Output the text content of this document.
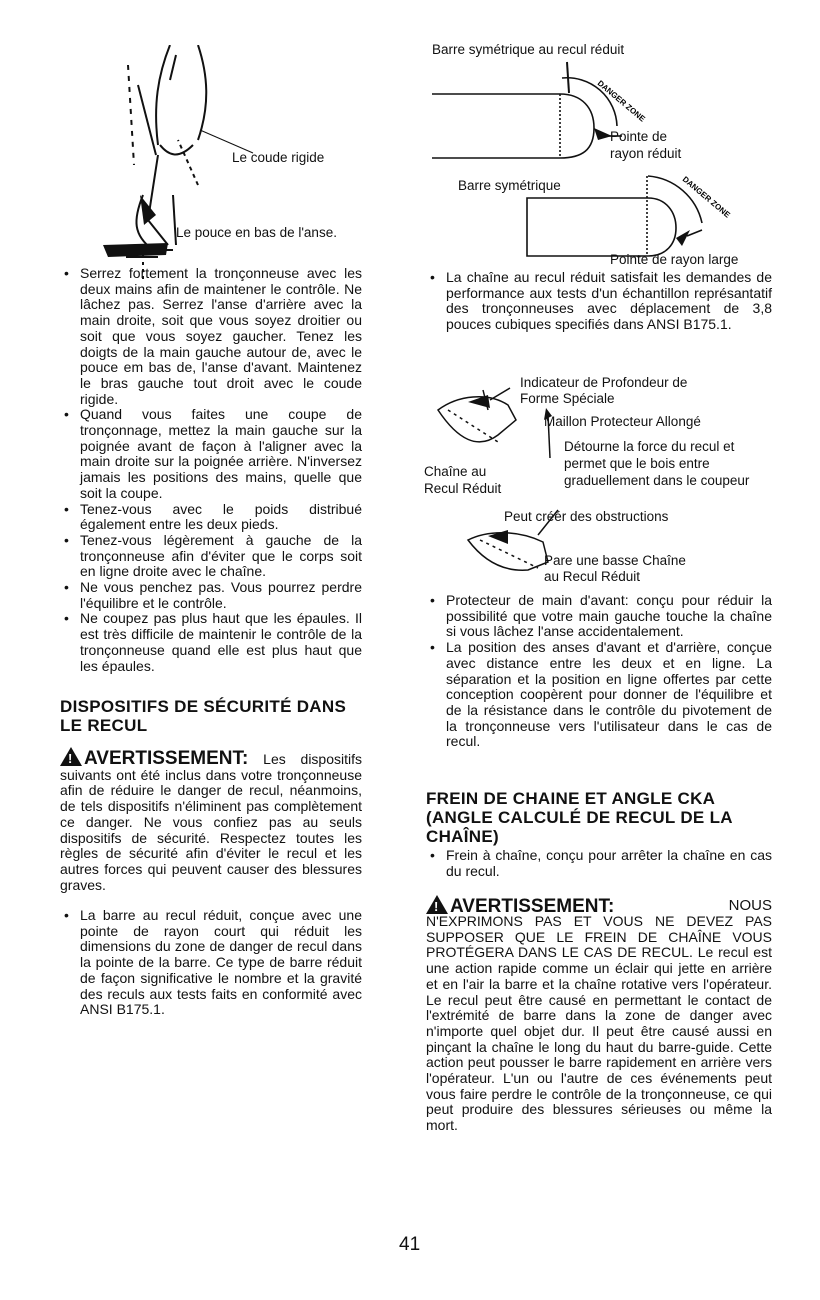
Le coude rigide
Le pouce en bas de l'anse.
• Serrez fortement la tronçonneuse avec les deux mains afin de maintener le contrôle. Ne lâchez pas. Serrez l'anse d'arrière avec la main droite, soit que vous soyez droitier ou soit que vous soyez gaucher. Tenez les doigts de la main gauche autour de, avec le pouce em bas de, l'anse d'avant. Maintenez le bras gauche tout droit avec le coude rigide.
• Quand vous faites une coupe de tronçonnage, mettez la main gauche sur la poignée avant de façon à l'aligner avec la main droite sur la poignée arrière. N'inversez jamais les positions des mains, quelle que soit la coupe.
• Tenez-vous avec le poids distribué également entre les deux pieds.
• Tenez-vous légèrement à gauche de la tronçonneuse afin d'éviter que le corps soit en ligne droite avec le chaîne.
• Ne vous penchez pas. Vous pourrez perdre l'équilibre et le contrôle.
• Ne coupez pas plus haut que les épaules. Il est très difficile de maintenir le contrôle de la tronçonneuse quand elle est plus haut que les épaules.
DISPOSITIFS DE SÉCURITÉ DANS LE RECUL
!AVERTISSEMENT: Les dispositifs suivants ont été inclus dans votre tronçonneuse afin de réduire le danger de recul, néanmoins, de tels dispositifs n'éliminent pas complètement ce danger. Ne vous confiez pas au seuls dispositifs de sécurité. Respectez toutes les règles de sécurité afin d'éviter le recul et les autres forces qui peuvent causer des blessures graves.
• La barre au recul réduit, conçue avec une pointe de rayon court qui réduit les dimensions du zone de danger de recul dans la pointe de la barre. Ce type de barre réduit de façon significative le nombre et la gravité des reculs aux tests faits en conformité avec ANSI B175.1.
Barre symétrique au recul réduit
DANGER ZONE
DANGER ZONE
Pointe de rayon réduit
Barre symétrique
Pointe de rayon large
• La chaîne au recul réduit satisfait les demandes de performance aux tests d'un échantillon représantatif des tronçonneuses avec déplacement de 3,8 pouces cubiques specifiés dans ANSI B175.1.
Indicateur de Profondeur de Forme Spéciale
Maillon Protecteur Allongé
Détourne la force du recul et permet que le bois entre graduellement dans le coupeur
Chaîne au Recul Réduit
Peut créér des obstructions
Pare une basse Chaîne au Recul Réduit
• Protecteur de main d'avant: conçu pour réduir la possibilité que votre main gauche touche la chaîne si vous lâchez l'anse accidentalement.
• La position des anses d'avant et d'arrière, conçue avec distance entre les deux et en ligne. La séparation et la position en ligne offertes par cette conception coopèrent pour donner de l'équilibre et de la résistance dans le contrôle du pivotement de la tronçonneuse vers l'utilisateur dans le cas de recul.
FREIN DE CHAINE ET ANGLE CKA (ANGLE CALCULÉ DE RECUL DE LA CHAÎNE)
• Frein à chaîne, conçu pour arrêter la chaîne en cas du recul.
!AVERTISSEMENT:	NOUS
N'EXPRIMONS PAS ET VOUS NE DEVEZ PAS SUPPOSER QUE LE FREIN DE CHAÎNE VOUS PROTÉGERA DANS LE CAS DE RECUL. Le recul est une action rapide comme un éclair qui jette en arrière et en l'air la barre et la chaîne rotative vers l'opérateur. Le recul peut être causé en permettant le contact de l'extrémité de barre dans la zone de danger avec n'importe quel objet dur. Il peut être causé aussi en pinçant la chaîne le long du haut du barre-guide. Cette action peut pousser le barre rapidement en arrière vers l'opérateur. L'un ou l'autre de ces événements peut vous faire perdre le contrôle de la tronçonneuse, ce qui peut produire des blessures sérieuses ou même la mort.
41
